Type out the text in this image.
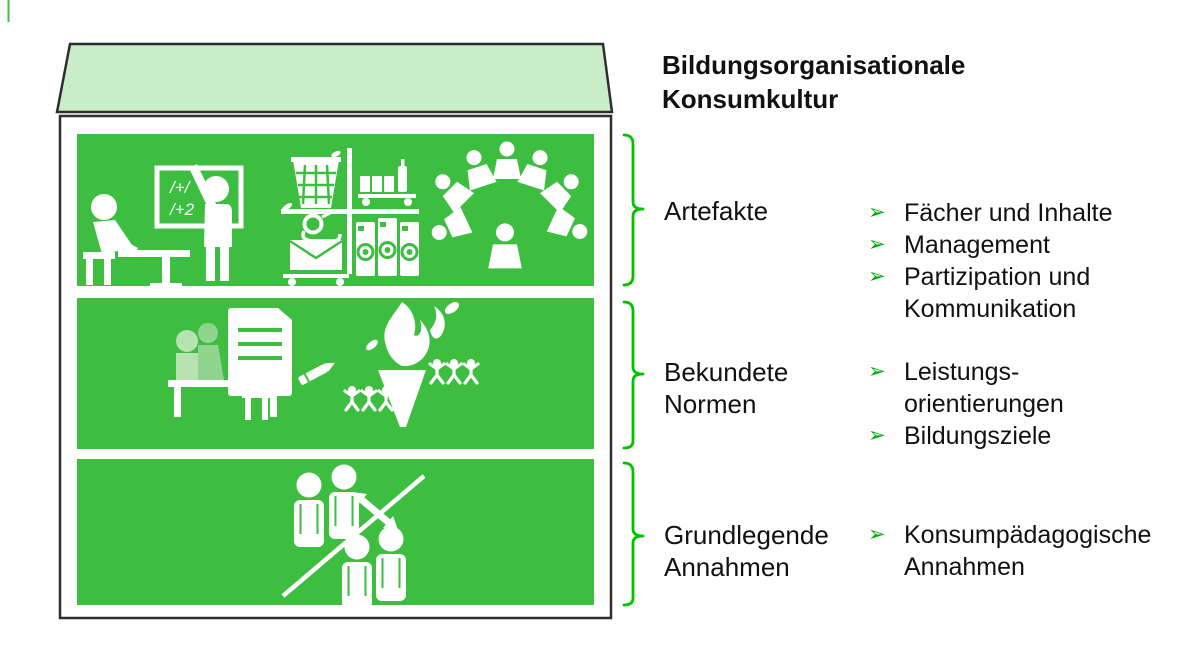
/+/
/+2
Bildungsorganisationale
Konsumkultur
Artefakte
Bekundete
Normen
Grundlegende
Annahmen
➢ Fächer und Inhalte
➢ Management
➢ Partizipation und
Kommunikation
➢ Leistungs-
orientierungen
➢ Bildungsziele
➢ Konsumpädagogische
Annahmen
